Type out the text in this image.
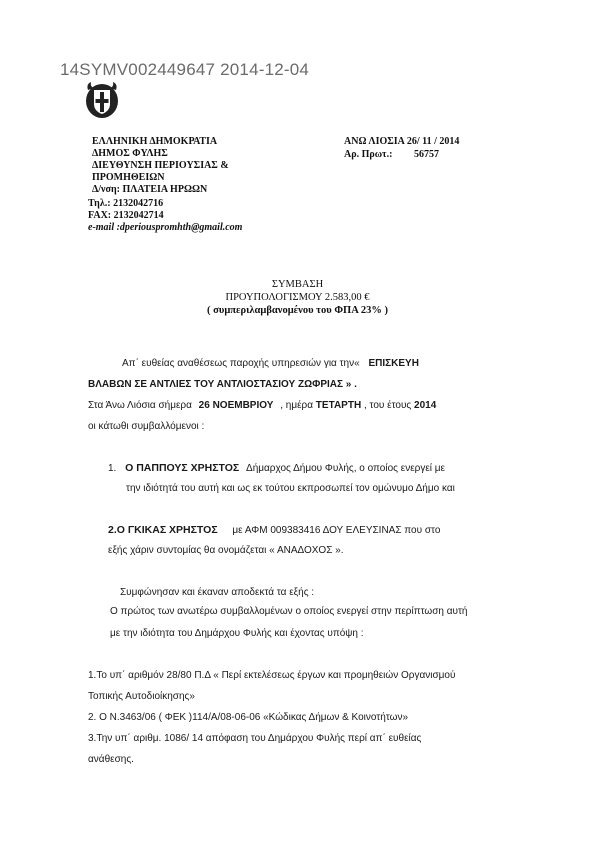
14SYMV002449647 2014-12-04
ΕΛΛΗΝΙΚΗ ΔΗΜΟΚΡΑΤΙΑ
ΔΗΜΟΣ ΦΥΛΗΣ
ΔΙΕΥΘΥΝΣΗ ΠΕΡΙΟΥΣΙΑΣ &
ΠΡΟΜΗΘΕΙΩΝ
Δ/νση: ΠΛΑΤΕΙΑ ΗΡΩΩΝ
Τηλ.: 2132042716
FAX: 2132042714
e-mail :dperiouspromhth@gmail.com
ΑΝΩ ΛΙΟΣΙΑ 26/ 11 / 2014
Αρ. Πρωτ.: 56757
ΣΥΜΒΑΣΗ
ΠΡΟΥΠΟΛΟΓΙΣΜΟΥ 2.583,00 €
( συμπεριλαμβανομένου του ΦΠΑ 23% )
Απ΄ ευθείας αναθέσεως παροχής υπηρεσιών για την« ΕΠΙΣΚΕΥΗ
ΒΛΑΒΩΝ ΣΕ ΑΝΤΛΙΕΣ ΤΟΥ ΑΝΤΛΙΟΣΤΑΣΙΟΥ ΖΩΦΡΙΑΣ » .
Στα Άνω Λιόσια σήμερα 26 ΝΟΕΜΒΡΙΟΥ , ημέρα ΤΕΤΑΡΤΗ , του έτους 2014
οι κάτωθι συμβαλλόμενοι :
1. Ο ΠΑΠΠΟΥΣ ΧΡΗΣΤΟΣ Δήμαρχος Δήμου Φυλής, ο οποίος ενεργεί με
την ιδιότητά του αυτή και ως εκ τούτου εκπροσωπεί τον ομώνυμο Δήμο και
2.Ο ΓΚΙΚΑΣ ΧΡΗΣΤΟΣ με ΑΦΜ 009383416 ΔΟΥ ΕΛΕΥΣΙΝΑΣ που στο
εξής χάριν συντομίας θα ονομάζεται « ΑΝΑΔΟΧΟΣ ».
Συμφώνησαν και έκαναν αποδεκτά τα εξής :
Ο πρώτος των ανωτέρω συμβαλλομένων ο οποίος ενεργεί στην περίπτωση αυτή
με την ιδιότητα του Δημάρχου Φυλής και έχοντας υπόψη :
1.Το υπ΄ αριθμόν 28/80 Π.Δ « Περί εκτελέσεως έργων και προμηθειών Οργανισμού
Τοπικής Αυτοδιοίκησης»
2. Ο Ν.3463/06 ( ΦΕΚ )114/Α/08-06-06 «Κώδικας Δήμων & Κοινοτήτων»
3.Την υπ΄ αριθμ. 1086/ 14 απόφαση του Δημάρχου Φυλής περί απ΄ ευθείας
ανάθεσης.
